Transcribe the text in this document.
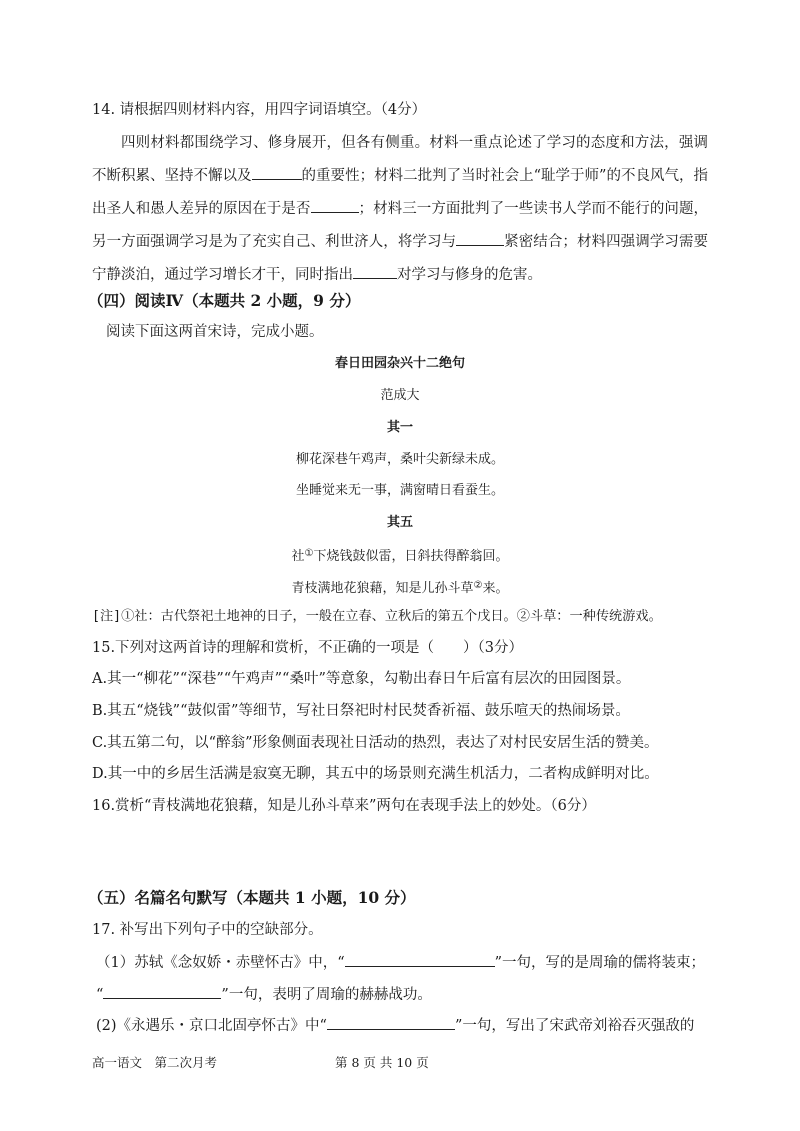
14. 请根据四则材料内容，用四字词语填空。（4分）
四则材料都围绕学习、修身展开，但各有侧重。材料一重点论述了学习的态度和方法，强调不断积累、坚持不懈以及	的重要性；材料二批判了当时社会上“耻学于师”的不良风气，指出圣人和愚人差异的原因在于是否	；材料三一方面批判了一些读书人学而不能行的问题，另一方面强调学习是为了充实自己、利世济人，将学习与	紧密结合；材料四强调学习需要宁静淡泊，通过学习增长才干，同时指出	对学习与修身的危害。
（四）阅读Ⅳ（本题共 2 小题，9 分）
阅读下面这两首宋诗，完成小题。
春日田园杂兴十二绝句
范成大
其一
柳花深巷午鸡声，桑叶尖新绿未成。
坐睡觉来无一事，满窗晴日看蚕生。
其五
社①下烧钱鼓似雷，日斜扶得醉翁回。
青枝满地花狼藉，知是儿孙斗草②来。
[注]①社：古代祭祀土地神的日子，一般在立春、立秋后的第五个戊日。②斗草：一种传统游戏。
15.下列对这两首诗的理解和赏析，不正确的一项是（　　）（3分）
A.其一“柳花”“深巷”“午鸡声”“桑叶”等意象，勾勒出春日午后富有层次的田园图景。
B.其五“烧钱”“鼓似雷”等细节，写社日祭祀时村民焚香祈福、鼓乐喧天的热闹场景。
C.其五第二句，以“醉翁”形象侧面表现社日活动的热烈，表达了对村民安居生活的赞美。
D.其一中的乡居生活满是寂寞无聊，其五中的场景则充满生机活力，二者构成鲜明对比。
16.赏析“青枝满地花狼藉，知是儿孙斗草来”两句在表现手法上的妙处。（6分）
（五）名篇名句默写（本题共 1 小题，10 分）
17. 补写出下列句子中的空缺部分。
（1）苏轼《念奴娇・赤壁怀古》中，“	”一句，写的是周瑜的儒将装束；
“	”一句，表明了周瑜的赫赫战功。
(2)《永遇乐・京口北固亭怀古》中“	”一句，写出了宋武帝刘裕吞灭强敌的
高一语文　第二次月考	第 8 页 共 10 页
